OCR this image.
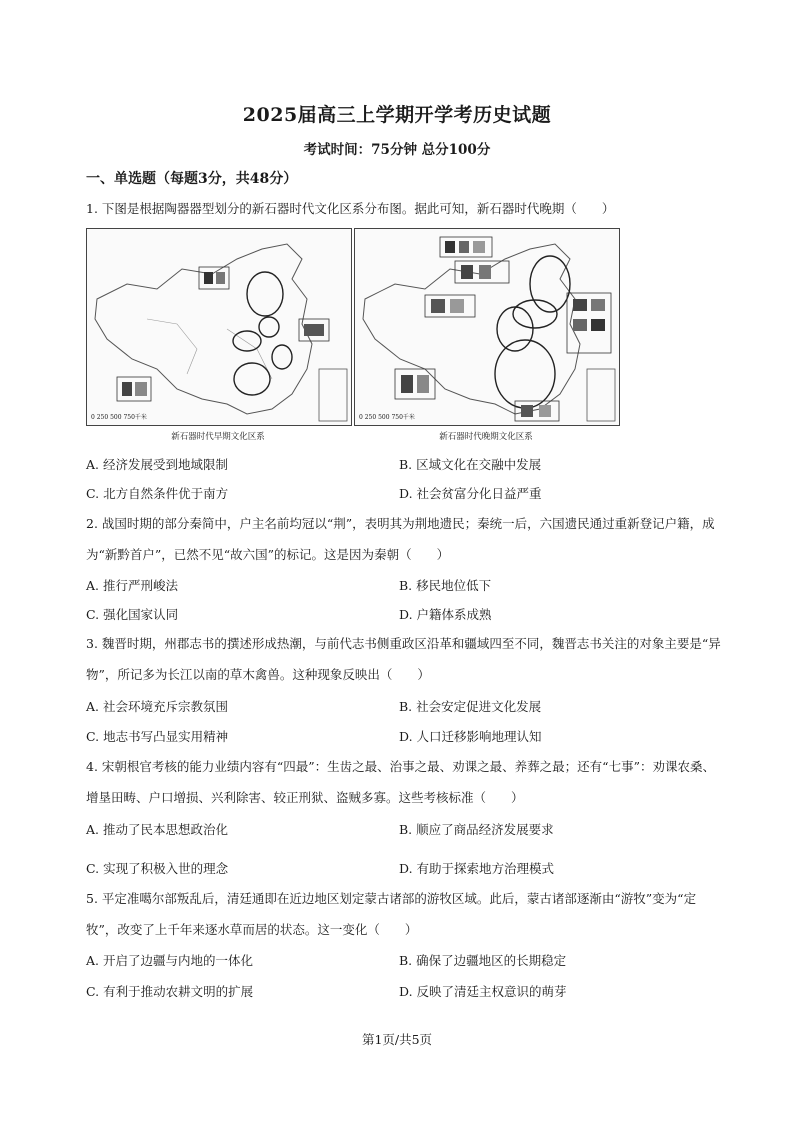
2025届高三上学期开学考历史试题
考试时间：75分钟 总分100分
一、单选题（每题3分，共48分）
1. 下图是根据陶器器型划分的新石器时代文化区系分布图。据此可知，新石器时代晚期（　　）
0 250 500 750千米
新石器时代早期文化区系
0 250 500 750千米
新石器时代晚期文化区系
A. 经济发展受到地域限制	B. 区域文化在交融中发展
C. 北方自然条件优于南方	D. 社会贫富分化日益严重
2. 战国时期的部分秦简中，户主名前均冠以“荆”，表明其为荆地遗民；秦统一后，六国遗民通过重新登记户籍，成为“新黔首户”，已然不见“故六国”的标记。这是因为秦朝（　　）
A. 推行严刑峻法	B. 移民地位低下
C. 强化国家认同	D. 户籍体系成熟
3. 魏晋时期，州郡志书的撰述形成热潮，与前代志书侧重政区沿革和疆域四至不同，魏晋志书关注的对象主要是“异物”，所记多为长江以南的草木禽兽。这种现象反映出（　　）
A. 社会环境充斥宗教氛围	B. 社会安定促进文化发展
C. 地志书写凸显实用精神	D. 人口迁移影响地理认知
4. 宋朝根官考核的能力业绩内容有“四最”：生齿之最、治事之最、劝课之最、养葬之最；还有“七事”：劝课农桑、增垦田畴、户口增损、兴利除害、较正刑狱、盗贼多寡。这些考核标准（　　）
A. 推动了民本思想政治化	B. 顺应了商品经济发展要求
C. 实现了积极入世的理念	D. 有助于探索地方治理模式
5. 平定准噶尔部叛乱后，清廷通即在近边地区划定蒙古诸部的游牧区域。此后，蒙古诸部逐渐由“游牧”变为“定牧”，改变了上千年来逐水草而居的状态。这一变化（　　）
A. 开启了边疆与内地的一体化	B. 确保了边疆地区的长期稳定
C. 有利于推动农耕文明的扩展	D. 反映了清廷主权意识的萌芽
第1页/共5页
